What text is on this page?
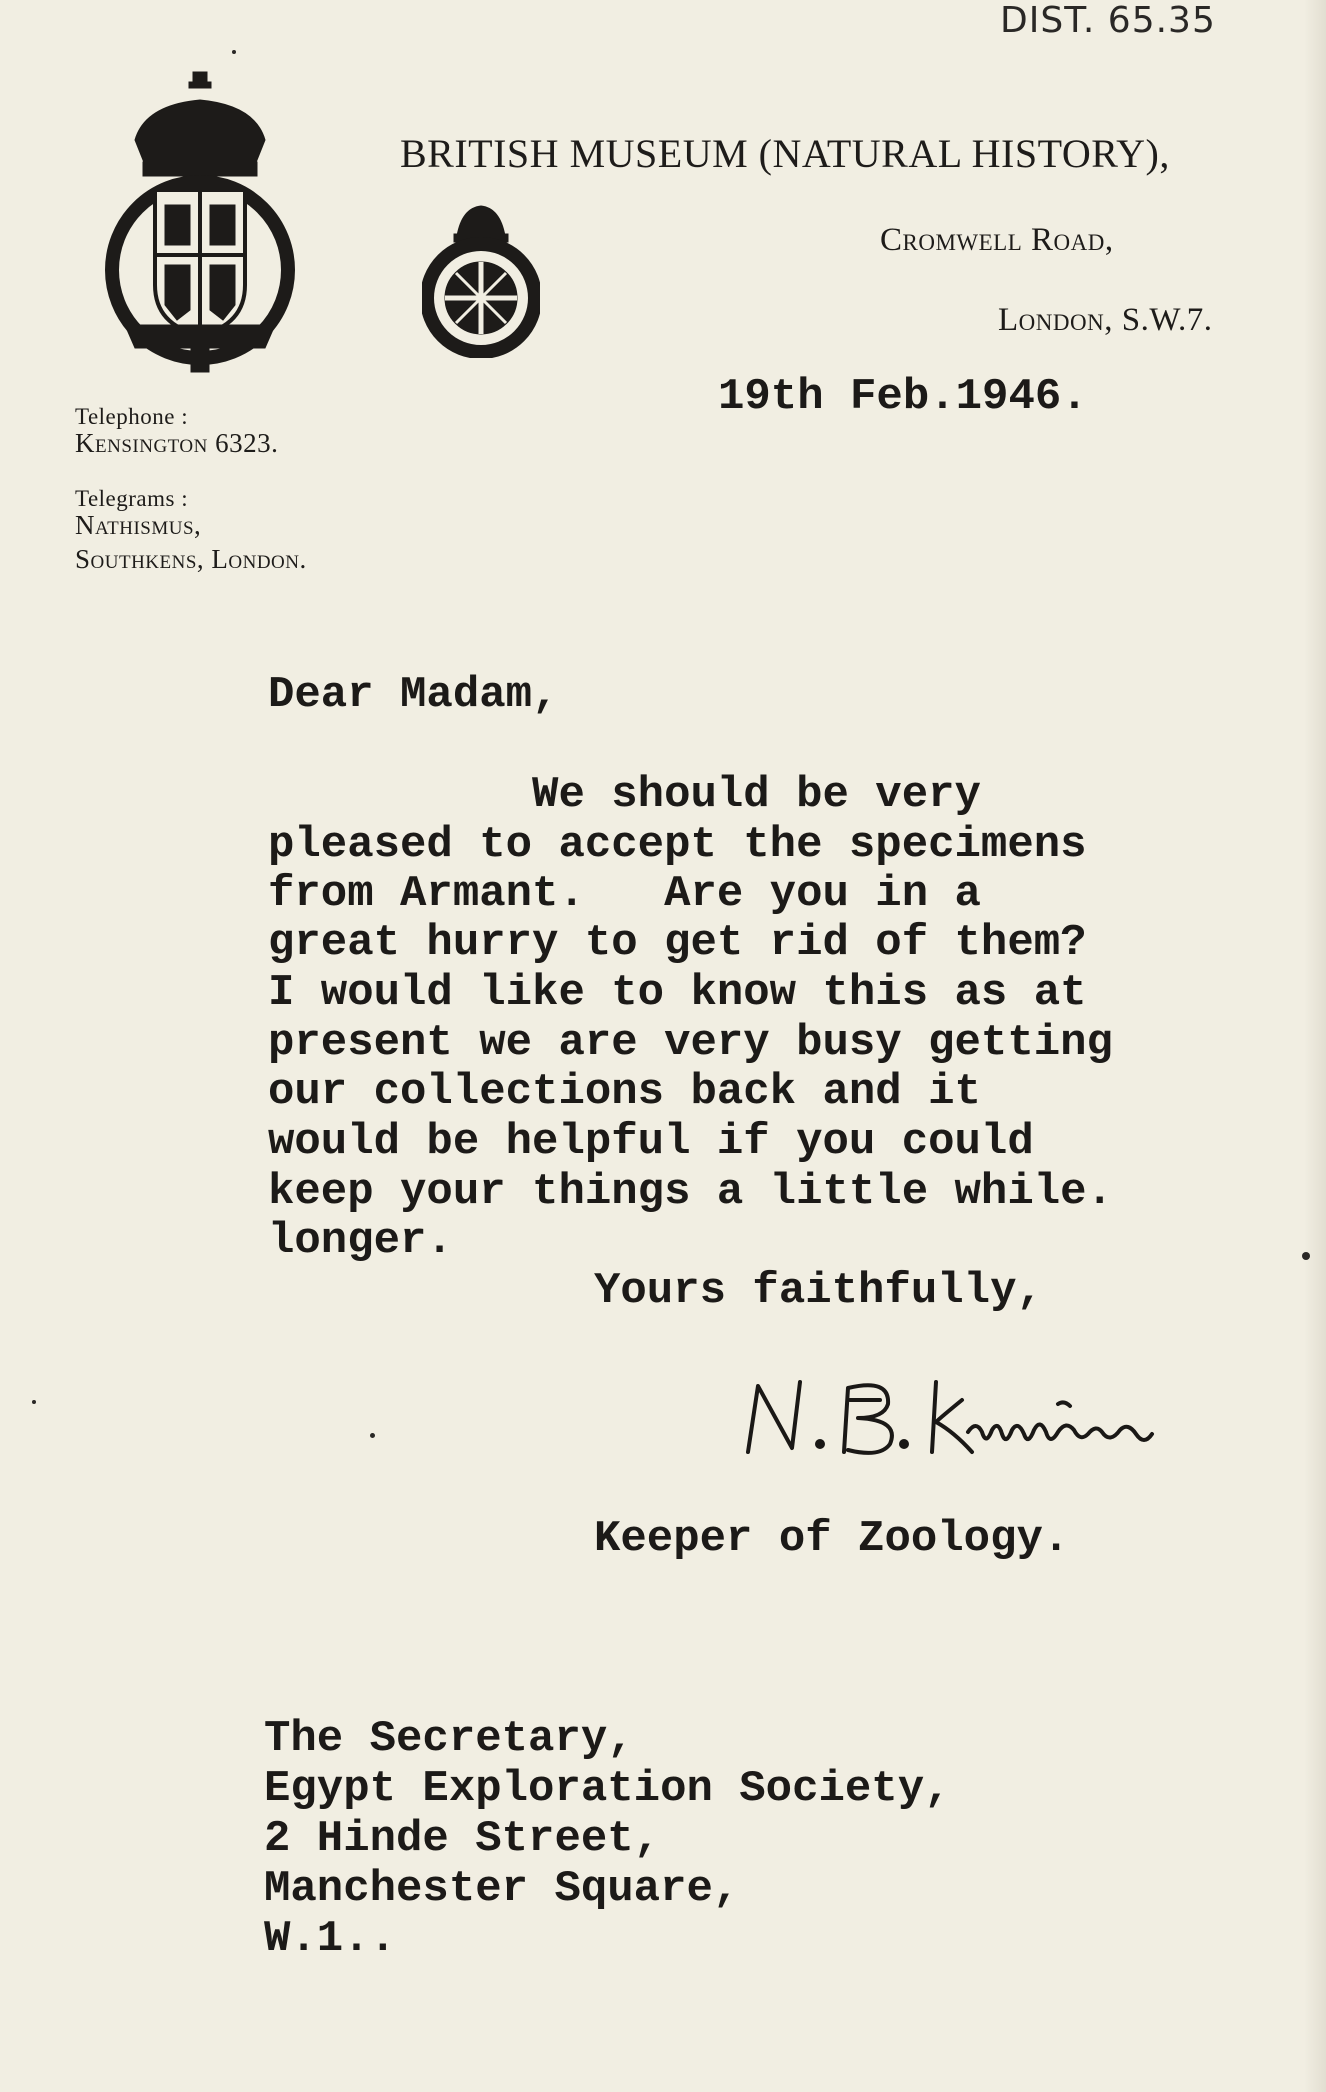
DIST. 65.35
BRITISH MUSEUM (NATURAL HISTORY),
Cromwell Road,
London, S.W.7.
Telephone :
Kensington 6323.
Telegrams :
Nathismus,
Southkens, London.
19th Feb.1946.
Dear Madam,
We should be very
pleased to accept the specimens
from Armant.   Are you in a
great hurry to get rid of them?
I would like to know this as at
present we are very busy getting
our collections back and it
would be helpful if you could
keep your things a little while.
longer.
Yours faithfully,
Keeper of Zoology.
The Secretary,
Egypt Exploration Society,
2 Hinde Street,
Manchester Square,
W.1..
